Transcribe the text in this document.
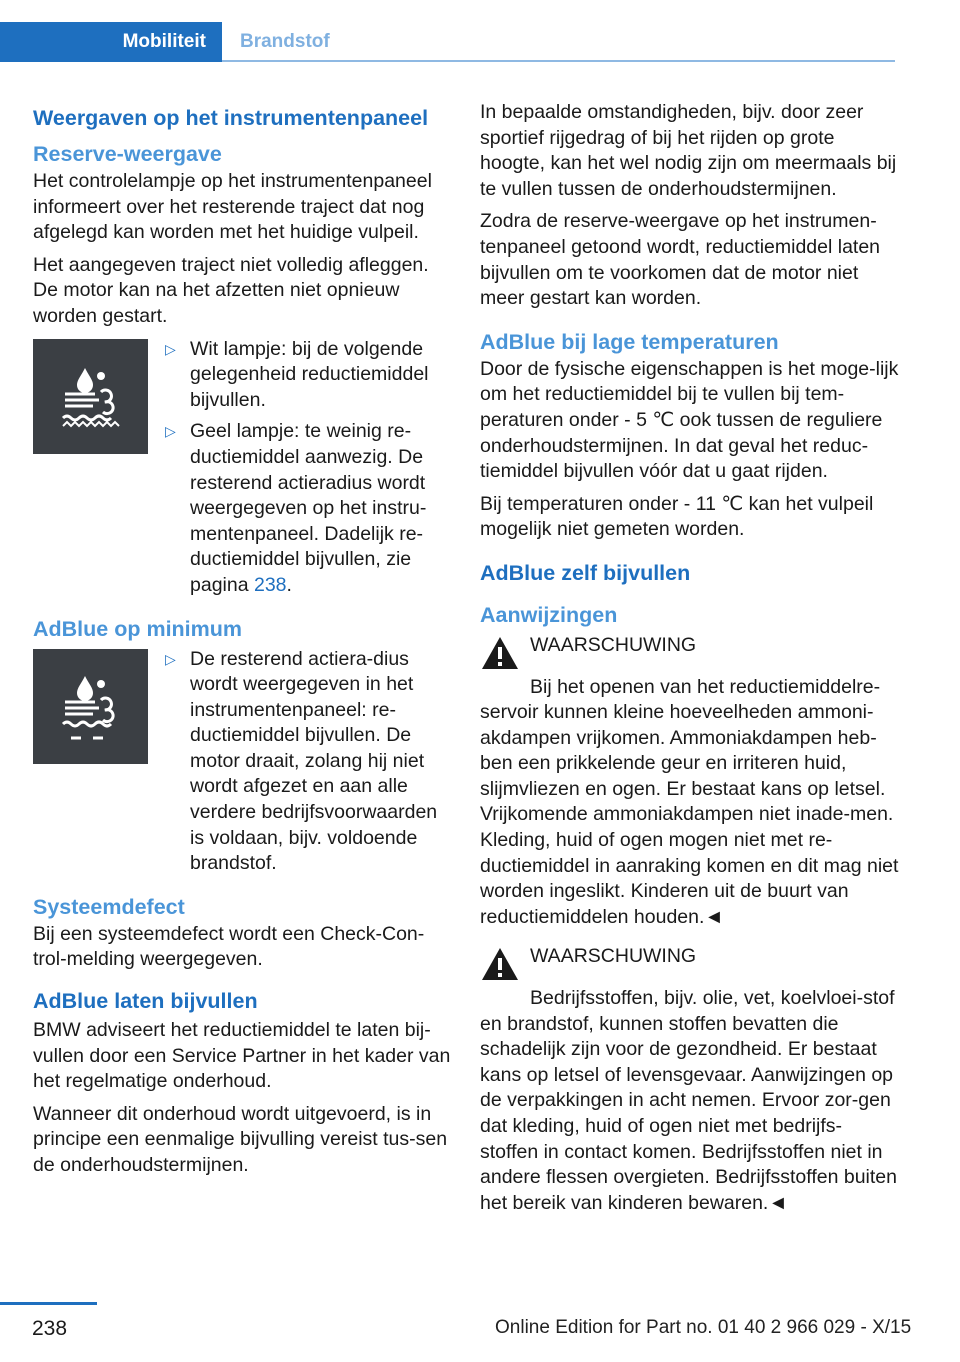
Mobiliteit	Brandstof
Weergaven op het instrumentenpaneel
Reserve-weergave

Het controlelampje op het instrumentenpaneel informeert over het resterende traject dat nog afgelegd kan worden met het huidige vulpeil.

Het aangegeven traject niet volledig afleggen. De motor kan na het afzetten niet opnieuw worden gestart.

▷ Wit lampje: bij de volgende gelegenheid reductiemiddel bijvullen.
▷ Geel lampje: te weinig re-ductiemiddel aanwezig. De resterend actieradius wordt weergegeven op het instru-mentenpaneel. Dadelijk re-ductiemiddel bijvullen, zie pagina 238.
AdBlue op minimum
▷ De resterend actiera-dius wordt weergegeven in het instrumentenpaneel: re-ductiemiddel bijvullen. De motor draait, zolang hij niet wordt afgezet en aan alle verdere bedrijfsvoorwaarden is voldaan, bijv. voldoende brandstof.
Systeemdefect

Bij een systeemdefect wordt een Check-Con-trol-melding weergegeven.

AdBlue laten bijvullen

BMW adviseert het reductiemiddel te laten bij-vullen door een Service Partner in het kader van het regelmatige onderhoud.

Wanneer dit onderhoud wordt uitgevoerd, is in principe een eenmalige bijvulling vereist tus-sen de onderhoudstermijnen.

In bepaalde omstandigheden, bijv. door zeer sportief rijgedrag of bij het rijden op grote hoogte, kan het wel nodig zijn om meermaals bij te vullen tussen de onderhoudstermijnen.

Zodra de reserve-weergave op het instrumen-tenpaneel getoond wordt, reductiemiddel laten bijvullen om te voorkomen dat de motor niet meer gestart kan worden.

AdBlue bij lage temperaturen

Door de fysische eigenschappen is het moge-lijk om het reductiemiddel bij te vullen bij tem-peraturen onder - 5 ℃ ook tussen de reguliere onderhoudstermijnen. In dat geval het reduc-tiemiddel bijvullen vóór dat u gaat rijden.

Bij temperaturen onder - 11 ℃ kan het vulpeil mogelijk niet gemeten worden.

AdBlue zelf bijvullen
Aanwijzingen
WAARSCHUWING
Bij het openen van het reductiemiddelre-servoir kunnen kleine hoeveelheden ammoni-akdampen vrijkomen. Ammoniakdampen heb-ben een prikkelende geur en irriteren huid, slijmvliezen en ogen. Er bestaat kans op letsel. Vrijkomende ammoniakdampen niet inade-men. Kleding, huid of ogen mogen niet met re-ductiemiddel in aanraking komen en dit mag niet worden ingeslikt. Kinderen uit de buurt van reductiemiddelen houden.◄
WAARSCHUWING
Bedrijfsstoffen, bijv. olie, vet, koelvloei-stof en brandstof, kunnen stoffen bevatten die schadelijk zijn voor de gezondheid. Er bestaat kans op letsel of levensgevaar. Aanwijzingen op de verpakkingen in acht nemen. Ervoor zor-gen dat kleding, huid of ogen niet met bedrijfs-stoffen in contact komen. Bedrijfsstoffen niet in andere flessen overgieten. Bedrijfsstoffen buiten het bereik van kinderen bewaren.◄
238	Online Edition for Part no. 01 40 2 966 029 - X/15
